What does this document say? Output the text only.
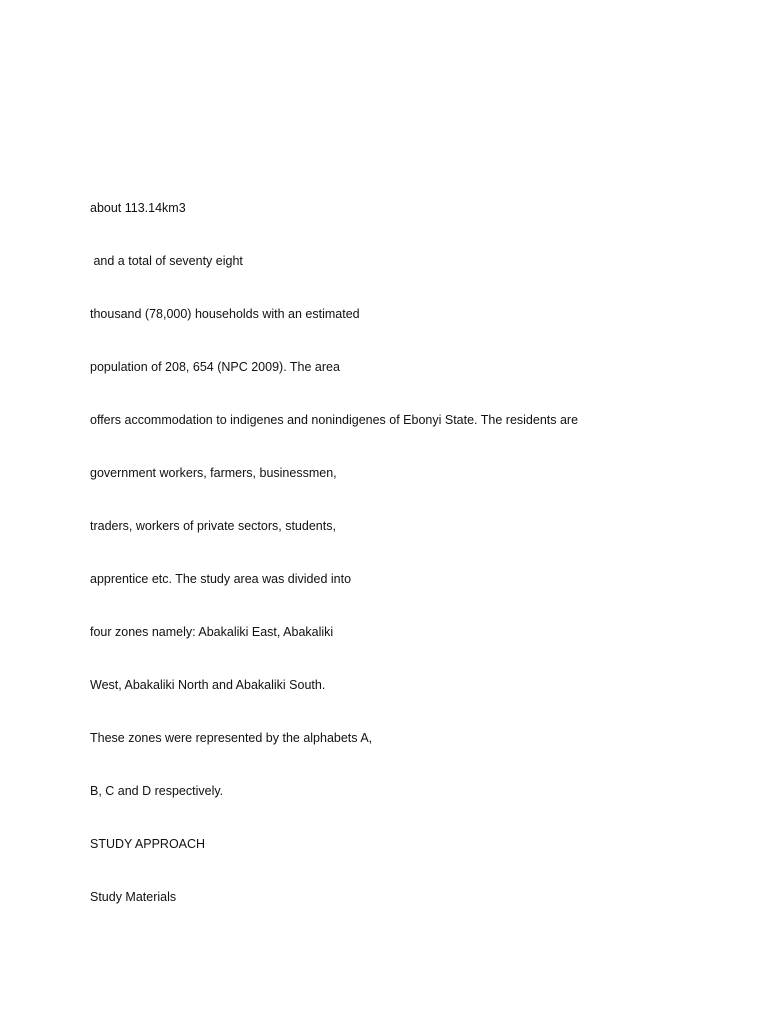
about 113.14km3
and a total of seventy eight
thousand (78,000) households with an estimated
population of 208, 654 (NPC 2009). The area
offers accommodation to indigenes and nonindigenes of Ebonyi State. The residents are
government workers, farmers, businessmen,
traders, workers of private sectors, students,
apprentice etc. The study area was divided into
four zones namely: Abakaliki East, Abakaliki
West, Abakaliki North and Abakaliki South.
These zones were represented by the alphabets A,
B, C and D respectively.
STUDY APPROACH
Study Materials
